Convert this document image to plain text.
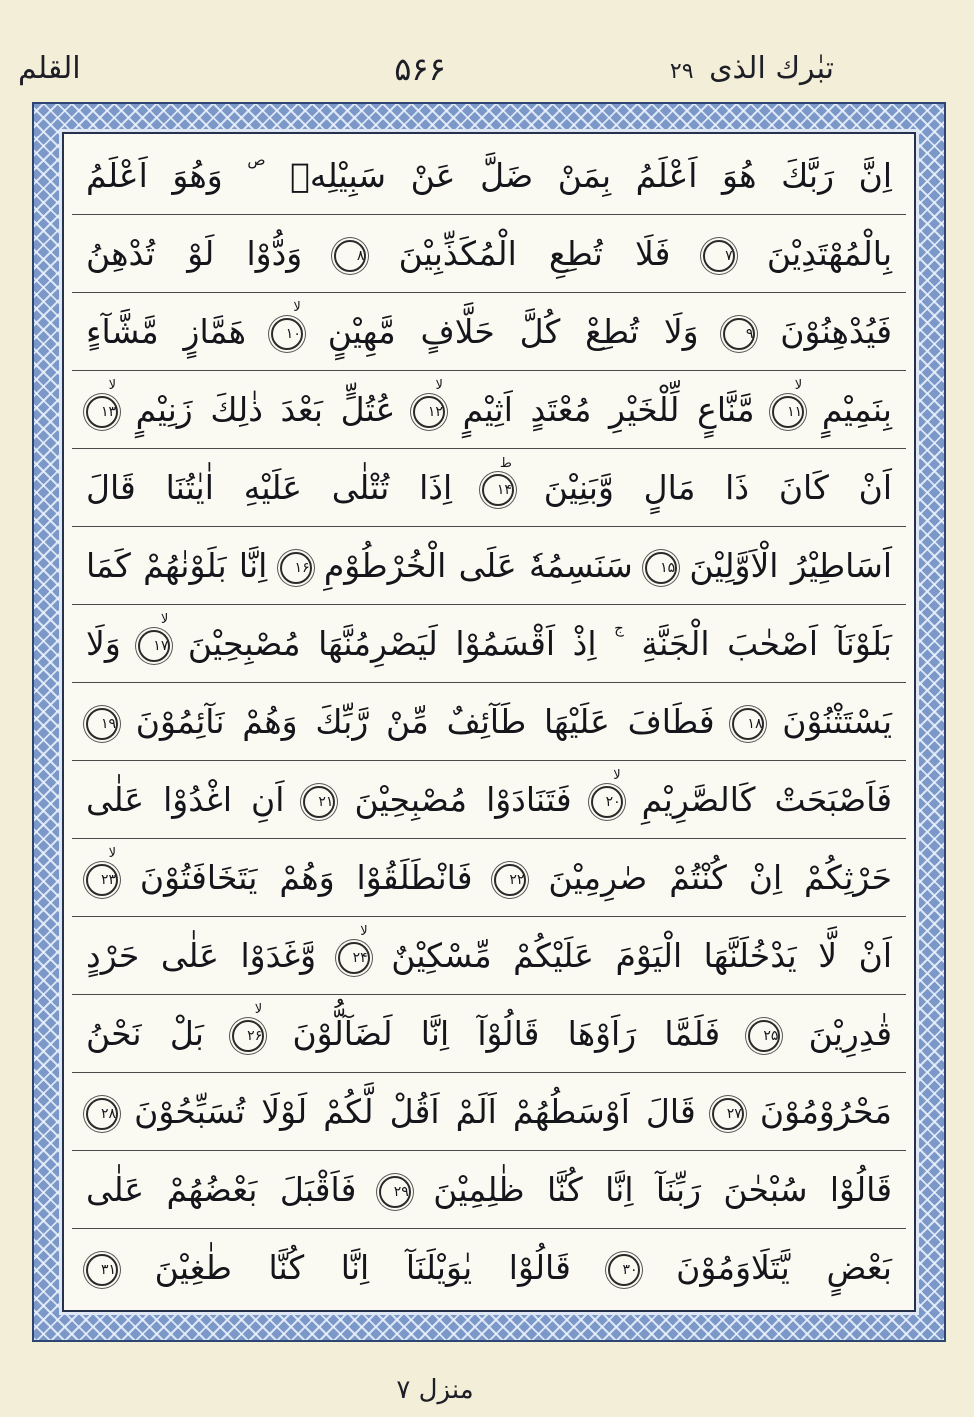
القلم	۵۶۶	تبٰرك الذى ۲۹
اِنَّ رَبَّكَ هُوَ اَعْلَمُ بِمَنْ ضَلَّ عَنْ سَبِيْلِهٖ ص وَهُوَ اَعْلَمُ
بِالْمُهْتَدِيْنَ ۷ فَلَا تُطِعِ الْمُكَذِّبِيْنَ ۸ وَدُّوْا لَوْ تُدْهِنُ
فَيُدْهِنُوْنَ ۹ وَلَا تُطِعْ كُلَّ حَلَّافٍ مَّهِيْنٍ
لا
۱۰ هَمَّازٍ مَّشَّآءٍ
بِنَمِيْمٍ
لا
۱۱ مَّنَّاعٍ لِّلْخَيْرِ مُعْتَدٍ اَثِيْمٍ
لا
۱۲ عُتُلٍّ بَعْدَ ذٰلِكَ زَنِيْمٍ
لا
۱۳
اَنْ كَانَ ذَا مَالٍ وَّبَنِيْنَ
ط
۱۴ اِذَا تُتْلٰى عَلَيْهِ اٰيٰتُنَا قَالَ
اَسَاطِيْرُ الْاَوَّلِيْنَ ۱۵ سَنَسِمُهٗ عَلَى الْخُرْطُوْمِ ۱۶ اِنَّا بَلَوْنٰهُمْ كَمَا
بَلَوْنَآ اَصْحٰبَ الْجَنَّةِ ج اِذْ اَقْسَمُوْا لَيَصْرِمُنَّهَا مُصْبِحِيْنَ
لا
۱۷ وَلَا
يَسْتَثْنُوْنَ ۱۸ فَطَافَ عَلَيْهَا طَآئِفٌ مِّنْ رَّبِّكَ وَهُمْ نَآئِمُوْنَ ۱۹
فَاَصْبَحَتْ كَالصَّرِيْمِ
لا
۲۰ فَتَنَادَوْا مُصْبِحِيْنَ ۲۱ اَنِ اغْدُوْا عَلٰى
حَرْثِكُمْ اِنْ كُنْتُمْ صٰرِمِيْنَ ۲۲ فَانْطَلَقُوْا وَهُمْ يَتَخَافَتُوْنَ
لا
۲۳
اَنْ لَّا يَدْخُلَنَّهَا الْيَوْمَ عَلَيْكُمْ مِّسْكِيْنٌ
لا
۲۴ وَّغَدَوْا عَلٰى حَرْدٍ
قٰدِرِيْنَ ۲۵ فَلَمَّا رَاَوْهَا قَالُوْآ اِنَّا لَضَآلُّوْنَ
لا
۲۶ بَلْ نَحْنُ
مَحْرُوْمُوْنَ ۲۷ قَالَ اَوْسَطُهُمْ اَلَمْ اَقُلْ لَّكُمْ لَوْلَا تُسَبِّحُوْنَ ۲۸
قَالُوْا سُبْحٰنَ رَبِّنَآ اِنَّا كُنَّا ظٰلِمِيْنَ ۲۹ فَاَقْبَلَ بَعْضُهُمْ عَلٰى
بَعْضٍ يَّتَلَاوَمُوْنَ ۳۰ قَالُوْا يٰوَيْلَنَآ اِنَّا كُنَّا طٰغِيْنَ ۳۱
منزل ۷
